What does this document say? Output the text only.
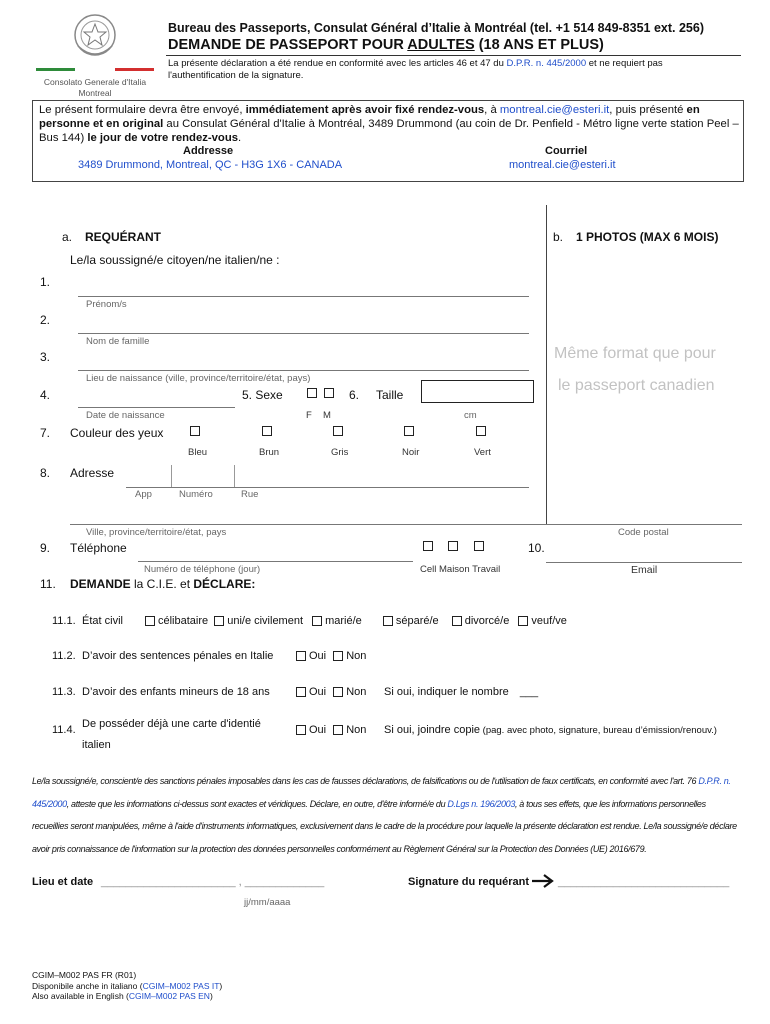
Consolato Generale d'Italia
Montreal
Bureau des Passeports, Consulat Général d’Italie à Montréal (tel. +1 514 849-8351 ext. 256)
DEMANDE DE PASSEPORT POUR ADULTES (18 ANS ET PLUS)
La présente déclaration a été rendue en conformité avec les articles 46 et 47 du D.P.R. n. 445/2000 et ne requiert pas l'authentification de la signature.
Le présent formulaire devra être envoyé, immédiatement après avoir fixé rendez-vous, à montreal.cie@esteri.it, puis présenté en personne et en original au Consulat Général d'Italie à Montréal, 3489 Drummond (au coin de Dr. Penfield - Métro ligne verte station Peel – Bus 144) le jour de votre rendez-vous.
Addresse
3489 Drummond, Montreal, QC - H3G 1X6 - CANADA
Courriel
montreal.cie@esteri.it
a. REQUÉRANT
Le/la soussigné/e citoyen/ne italien/ne :
1.
Prénom/s
2.
Nom de famille
3.
Lieu de naissance (ville, province/territoire/état, pays)
4.
Date de naissance
5. Sexe
F M
6. Taille
cm
7. Couleur des yeux
Bleu	Brun	Gris	Noir	Vert
8. Adresse
App	Numéro	Rue
Ville, province/territoire/état, pays	Code postal
9. Téléphone
Numéro de téléphone (jour)	Cell Maison Travail
10.
Email
b. 1 PHOTOS (MAX 6 MOIS)
Même format que pour
le passeport canadien
11. DEMANDE la C.I.E. et DÉCLARE:
11.1. État civil	célibataire uni/e civilement marié/e	séparé/e divorcé/e veuf/ve
11.2. D’avoir des sentences pénales en Italie	Oui Non
11.3. D’avoir des enfants mineurs de 18 ans	Oui Non Si oui, indiquer le nombre ___
11.4. De posséder déjà une carte d'identié
italien
Oui Non Si oui, joindre copie (pag. avec photo, signature, bureau d’émission/renouv.)
Le/la soussigné/e, conscient/e des sanctions pénales imposables dans les cas de fausses déclarations, de falsifications ou de l'utilisation de faux certificats, en conformité avec l'art. 76 D.P.R. n. 445/2000, atteste que les informations ci-dessus sont exactes et véridiques. Déclare, en outre, d'être informé/e du D.Lgs n. 196/2003, à tous ses effets, que les informations personnelles recueillies seront manipulées, même à l'aide d'instruments informatiques, exclusivement dans le cadre de la procédure pour laquelle la présente déclaration est rendue. Le/la soussigné/e déclare avoir pris connaissance de l'information sur la protection des données personnelles conformément au Règlement Général sur la Protection des Données (UE) 2016/679.
Lieu et date ______________________ , _____________
jj/mm/aaaa
Signature du requérant	____________________________
CGIM–M002 PAS FR (R01)
Disponibile anche in italiano (CGIM–M002 PAS IT)
Also available in English (CGIM–M002 PAS EN)
